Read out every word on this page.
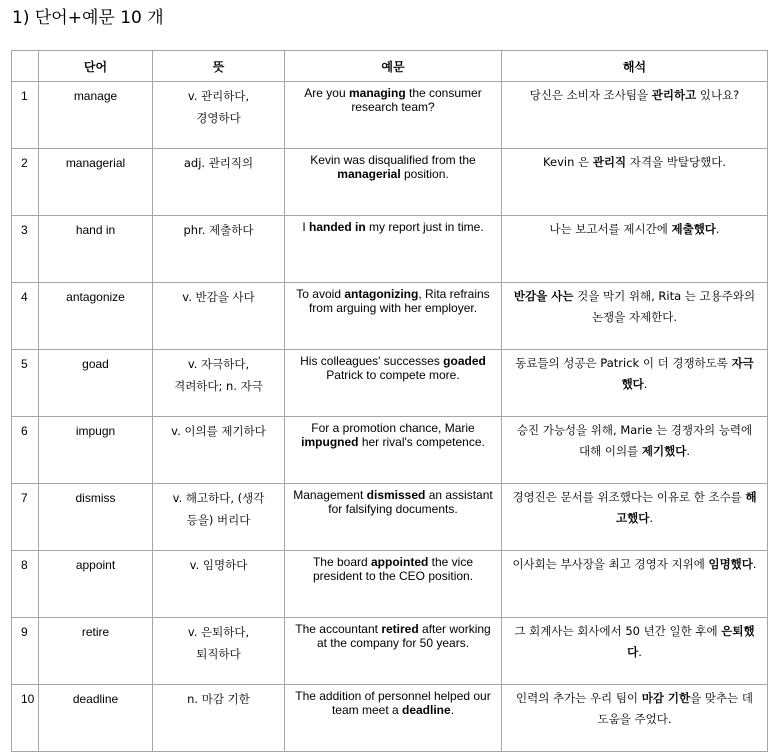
1) 단어+예문 10 개
	단어	뜻	예문	해석
1	manage	v. 관리하다,
경영하다	Are you managing the consumer research team?	당신은 소비자 조사팀을 관리하고 있나요?
2	managerial	adj. 관리직의	Kevin was disqualified from the managerial position.	Kevin 은 관리직 자격을 박탈당했다.
3	hand in	phr. 제출하다	I handed in my report just in time.	나는 보고서를 제시간에 제출했다.
4	antagonize	v. 반감을 사다	To avoid antagonizing, Rita refrains from arguing with her employer.	반감을 사는 것을 막기 위해, Rita 는 고용주와의 논쟁을 자제한다.
5	goad	v. 자극하다,
격려하다; n. 자극	His colleagues' successes goaded Patrick to compete more.	동료들의 성공은 Patrick 이 더 경쟁하도록 자극했다.
6	impugn	v. 이의를 제기하다	For a promotion chance, Marie impugned her rival's competence.	승진 가능성을 위해, Marie 는 경쟁자의 능력에 대해 이의를 제기했다.
7	dismiss	v. 해고하다, (생각
등을) 버리다	Management dismissed an assistant for falsifying documents.	경영진은 문서를 위조했다는 이유로 한 조수를 해고했다.
8	appoint	v. 임명하다	The board appointed the vice president to the CEO position.	이사회는 부사장을 최고 경영자 지위에 임명했다.
9	retire	v. 은퇴하다,
퇴직하다	The accountant retired after working at the company for 50 years.	그 회계사는 회사에서 50 년간 일한 후에 은퇴했다.
10	deadline	n. 마감 기한	The addition of personnel helped our team meet a deadline.	인력의 추가는 우리 팀이 마감 기한을 맞추는 데 도움을 주었다.
